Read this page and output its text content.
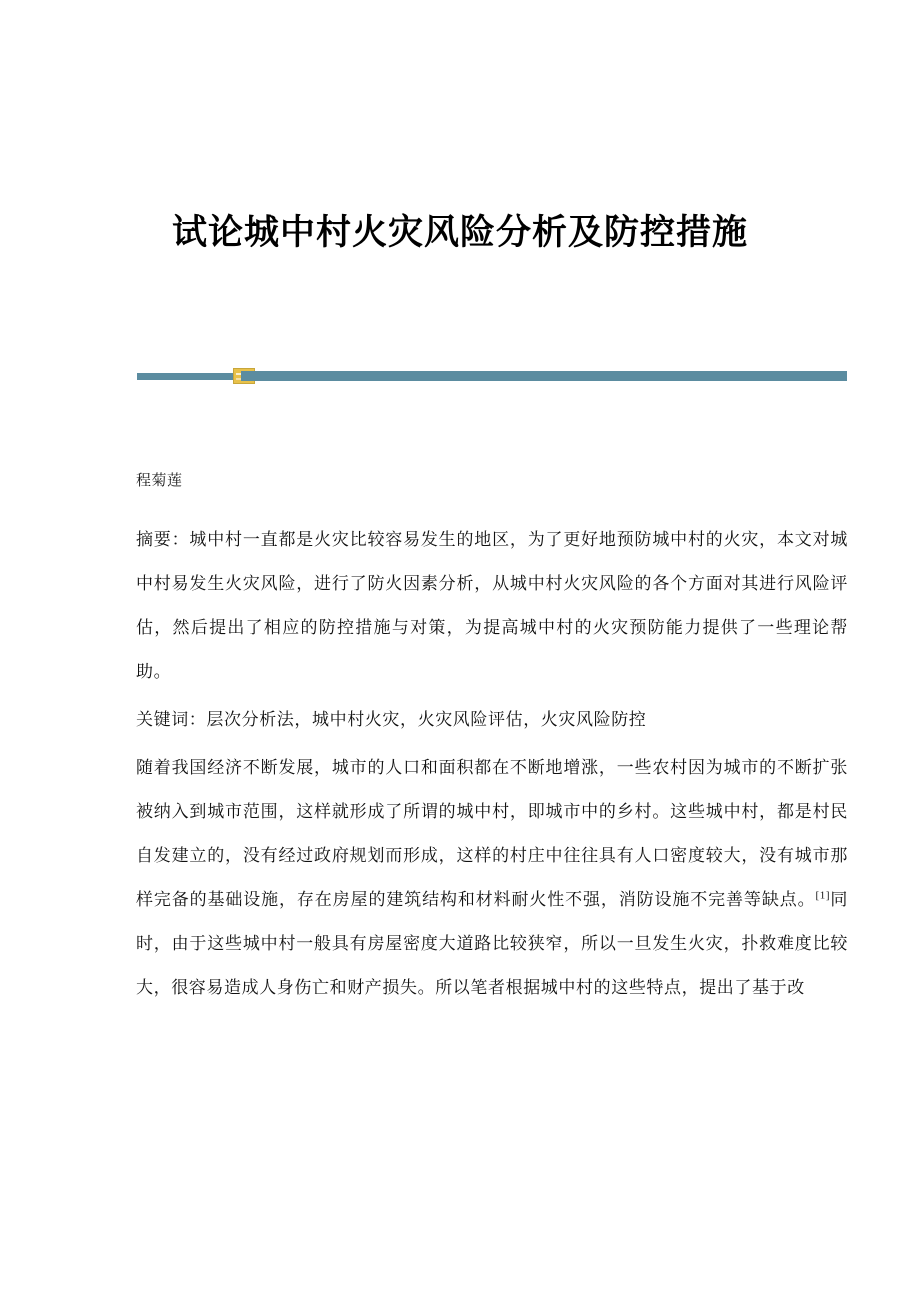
试论城中村火灾风险分析及防控措施
程菊莲

摘要：城中村一直都是火灾比较容易发生的地区，为了更好地预防城中村的火灾，本文对城中村易发生火灾风险，进行了防火因素分析，从城中村火灾风险的各个方面对其进行风险评估，然后提出了相应的防控措施与对策，为提高城中村的火灾预防能力提供了一些理论帮助。

关键词：层次分析法，城中村火灾，火灾风险评估，火灾风险防控

随着我国经济不断发展，城市的人口和面积都在不断地增涨，一些农村因为城市的不断扩张被纳入到城市范围，这样就形成了所谓的城中村，即城市中的乡村。这些城中村，都是村民自发建立的，没有经过政府规划而形成，这样的村庄中往往具有人口密度较大，没有城市那样完备的基础设施，存在房屋的建筑结构和材料耐火性不强，消防设施不完善等缺点。[1]同时，由于这些城中村一般具有房屋密度大道路比较狭窄，所以一旦发生火灾，扑救难度比较大，很容易造成人身伤亡和财产损失。所以笔者根据城中村的这些特点，提出了基于改
